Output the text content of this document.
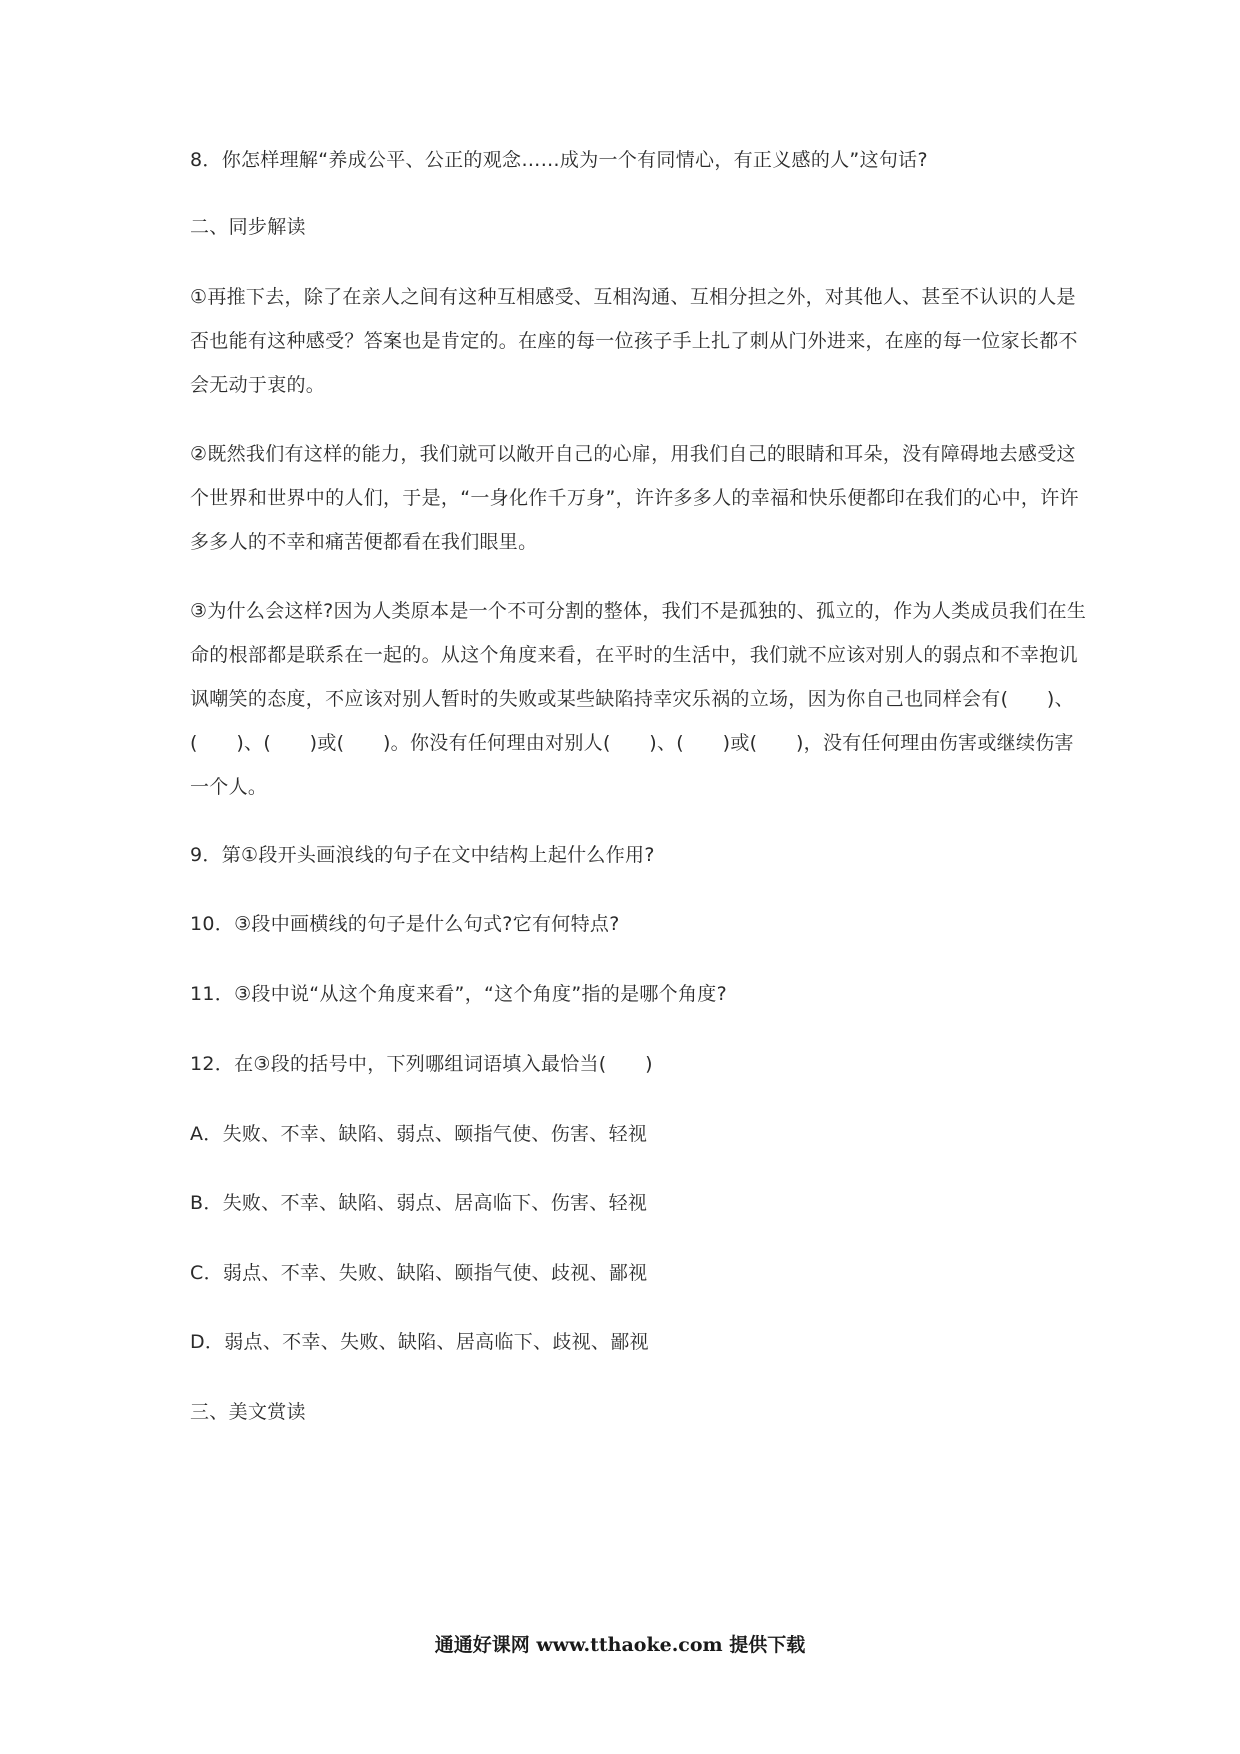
8．你怎样理解“养成公平、公正的观念……成为一个有同情心，有正义感的人”这句话?
二、同步解读
①再推下去，除了在亲人之间有这种互相感受、互相沟通、互相分担之外，对其他人、甚至不认识的人是
否也能有这种感受？答案也是肯定的。在座的每一位孩子手上扎了刺从门外进来，在座的每一位家长都不
会无动于衷的。
②既然我们有这样的能力，我们就可以敞开自己的心扉，用我们自己的眼睛和耳朵，没有障碍地去感受这
个世界和世界中的人们，于是，“一身化作千万身”，许许多多人的幸福和快乐便都印在我们的心中，许许
多多人的不幸和痛苦便都看在我们眼里。
③为什么会这样?因为人类原本是一个不可分割的整体，我们不是孤独的、孤立的，作为人类成员我们在生
命的根部都是联系在一起的。从这个角度来看，在平时的生活中，我们就不应该对别人的弱点和不幸抱讥
讽嘲笑的态度，不应该对别人暂时的失败或某些缺陷持幸灾乐祸的立场，因为你自己也同样会有(　　)、
(　　)、(　　)或(　　)。你没有任何理由对别人(　　)、(　　)或(　　)，没有任何理由伤害或继续伤害
一个人。
9．第①段开头画浪线的句子在文中结构上起什么作用?
10．③段中画横线的句子是什么句式?它有何特点?
11．③段中说“从这个角度来看”，“这个角度”指的是哪个角度?
12．在③段的括号中，下列哪组词语填入最恰当(　　)
A．失败、不幸、缺陷、弱点、颐指气使、伤害、轻视
B．失败、不幸、缺陷、弱点、居高临下、伤害、轻视
C．弱点、不幸、失败、缺陷、颐指气使、歧视、鄙视
D．弱点、不幸、失败、缺陷、居高临下、歧视、鄙视
三、美文赏读
通通好课网 www.tthaoke.com 提供下载
